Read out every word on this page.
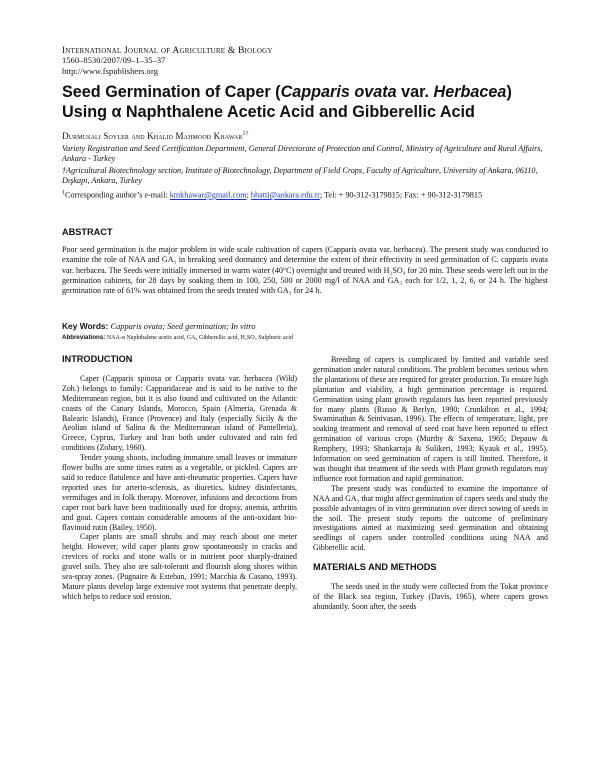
International Journal of Agriculture & Biology
1560–8530/2007/09–1–35–37
http://www.fspublishers.org
Seed Germination of Caper (Capparis ovata var. Herbacea)
Using α Naphthalene Acetic Acid and Gibberellic Acid
Durmusali Soyler and Khalid Mahmood Khawar$^{1\dagger}$
Variety Registration and Seed Certification Department, General Directorate of Protection and Control, Ministry of Agriculture and Rural Affairs, Ankara - Turkey
†Agricultural Biotechnology section, Institute of Biotechnology, Department of Field Crops, Faculty of Agriculture, University of Ankara, 06110, Dışkapı, Ankara, Turkey
$^1$Corresponding author’s e-mail: kmkhawar@gmail.com; bhatti@ankara.edu.tr; Tel: + 90-312-3179815; Fax: + 90-312-3179815
ABSTRACT
Poor seed germination is the major problem in wide scale cultivation of capers (Capparis ovata var. herbacea). The present study was conducted to examine the role of NAA and GA₃ in breaking seed dormancy and determine the extent of their effectivity in seed germination of C. capparis ovata var. herbacea. The Seeds were initially immersed in warm water (40°C) overnight and treated with H₂SO₄ for 20 min. These seeds were left out in the germination cabinets, for 28 days by soaking them in 100, 250, 500 or 2000 mg/l of NAA and GA₃ each for 1/2, 1, 2, 6, or 24 h. The highest germination rate of 61% was obtained from the seeds treated with GA₃ for 24 h.
Key Words: Capparis ovata; Seed germination; In vitro
Abbreviations: NAA-α Naphthalene acetic acid, GA₃ Gibberellic acid, H₂SO₄ Sulphuric acid
INTRODUCTION

Caper (Capparis spinosa or Capparis ovata var. herbacea (Wild) Zoh.) belongs to family: Capparidaceae and is said to be native to the Mediterranean region, but it is also found and cultivated on the Atlantic coasts of the Canary Islands, Morocco, Spain (Almeria, Grenada & Balearic Islands), France (Provence) and Italy (especially Sicily & the Aeolian island of Salina & the Mediterranean island of Pantelleria), Greece, Cyprus, Turkey and Iran both under cultivated and rain fed conditions (Zohary, 1960).

Tender young shoots, including immature small leaves or immature flower bulbs are some times eaten as a vegetable, or pickled. Capers are said to reduce flatulence and have anti-rheumatic properties. Capers have reported uses for arterio-sclerosis, as diuretics, kidney disinfectants, vermifuges and in folk therapy. Moreover, infusions and decoctions from caper root bark have been traditionally used for dropsy, anemia, arthritis and gout. Capers contain considerable amounts of the anti-oxidant bio-flavinoid rutin (Bailey, 1950).

Caper plants are small shrubs and may reach about one meter height. However, wild caper plants grow spontaneously in cracks and crevices of rocks and stone walls or in nutrient poor sharply-drained gravel soils. They also are salt-tolerant and flourish along shores within sea-spray zones. (Pugnaire & Esteban, 1991; Macchia & Casano, 1993). Mature plants develop large extensive root systems that penetrate deeply, which helps to reduce soil erosion.

Breeding of capers is complicated by limited and variable seed germination under natural conditions. The problem becomes serious when the plantations of these are required for greater production. To ensure high plantation and viability, a high germination percentage is required. Germination using plant growth regulators has been reported previously for many plants (Russo & Berlyn, 1990; Crunkilton et al., 1994; Swaminathan & Srinivasan, 1996). The effects of temperature, light, pre soaking treatment and removal of seed coat have been reported to effect germination of various crops (Murthy & Saxena, 1965; Depauw & Remphery, 1993; Shankarraja & Sulikeri, 1993; Kyauk et al., 1995). Information on seed germination of capers is still limited. Therefore, it was thought that treatment of the seeds with Plant growth regulators may influence root formation and rapid germination.

The present study was conducted to examine the importance of NAA and GA₃ that might affect germination of capers seeds and study the possible advantages of in vitro germination over direct sowing of seeds in the soil. The present study reports the outcome of preliminary investigations aimed at maximizing seed germination and obtaining seedlings of capers under controlled conditions using NAA and Gibberellic acid.

MATERIALS AND METHODS

The seeds used in the study were collected from the Tokat province of the Black sea region, Turkey (Davis, 1965), where capers grows abundantly. Soon after, the seeds
